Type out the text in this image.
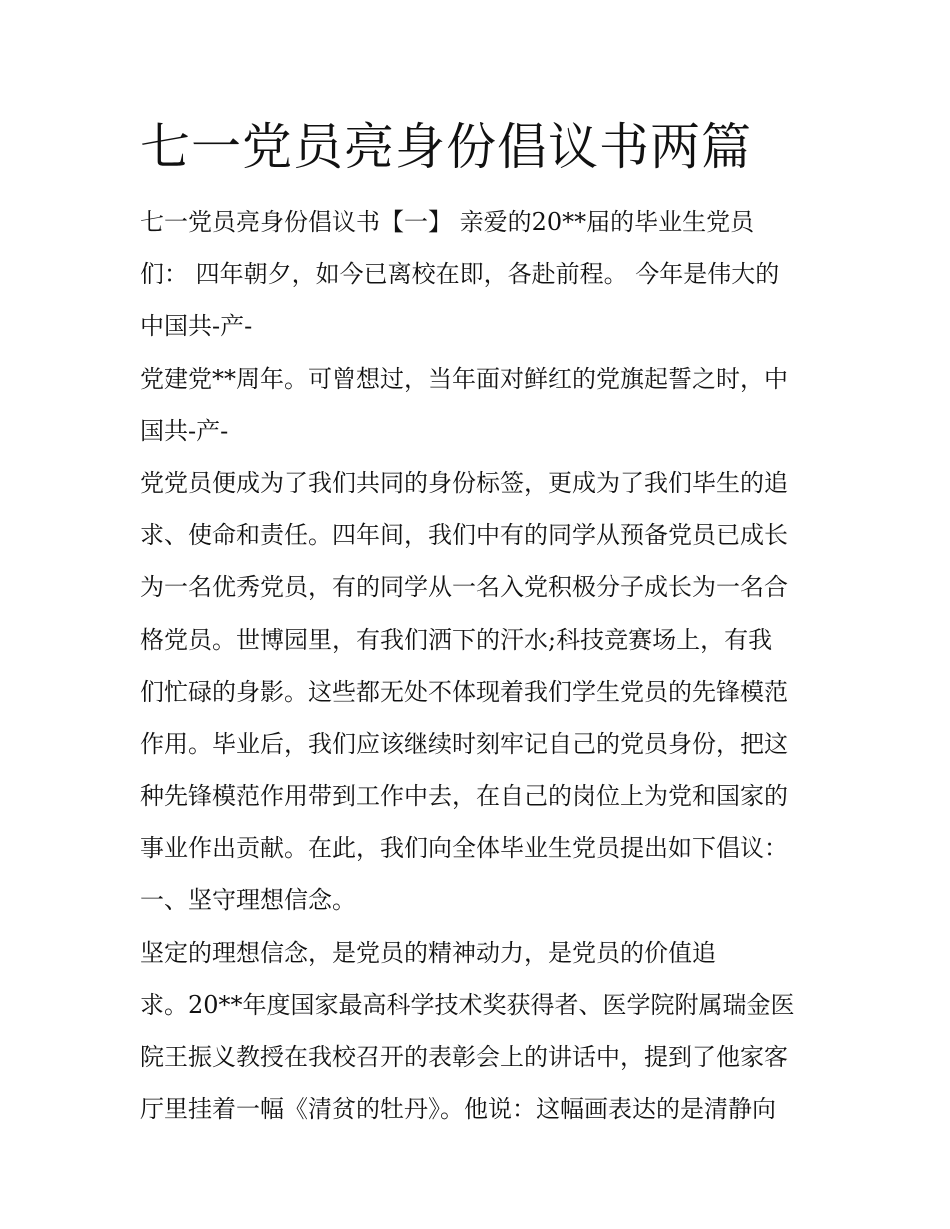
七一党员亮身份倡议书两篇
七一党员亮身份倡议书【一】 亲爱的20**届的毕业生党员
们： 四年朝夕，如今已离校在即，各赴前程。 今年是伟大的
中国共-产-
党建党**周年。可曾想过，当年面对鲜红的党旗起誓之时，中
国共-产-
党党员便成为了我们共同的身份标签，更成为了我们毕生的追
求、使命和责任。四年间，我们中有的同学从预备党员已成长
为一名优秀党员，有的同学从一名入党积极分子成长为一名合
格党员。世博园里，有我们洒下的汗水;科技竞赛场上，有我
们忙碌的身影。这些都无处不体现着我们学生党员的先锋模范
作用。毕业后，我们应该继续时刻牢记自己的党员身份，把这
种先锋模范作用带到工作中去，在自己的岗位上为党和国家的
事业作出贡献。在此，我们向全体毕业生党员提出如下倡议：
一、坚守理想信念。
坚定的理想信念，是党员的精神动力，是党员的价值追
求。20**年度国家最高科学技术奖获得者、医学院附属瑞金医
院王振义教授在我校召开的表彰会上的讲话中，提到了他家客
厅里挂着一幅《清贫的牡丹》。他说：这幅画表达的是清静向
